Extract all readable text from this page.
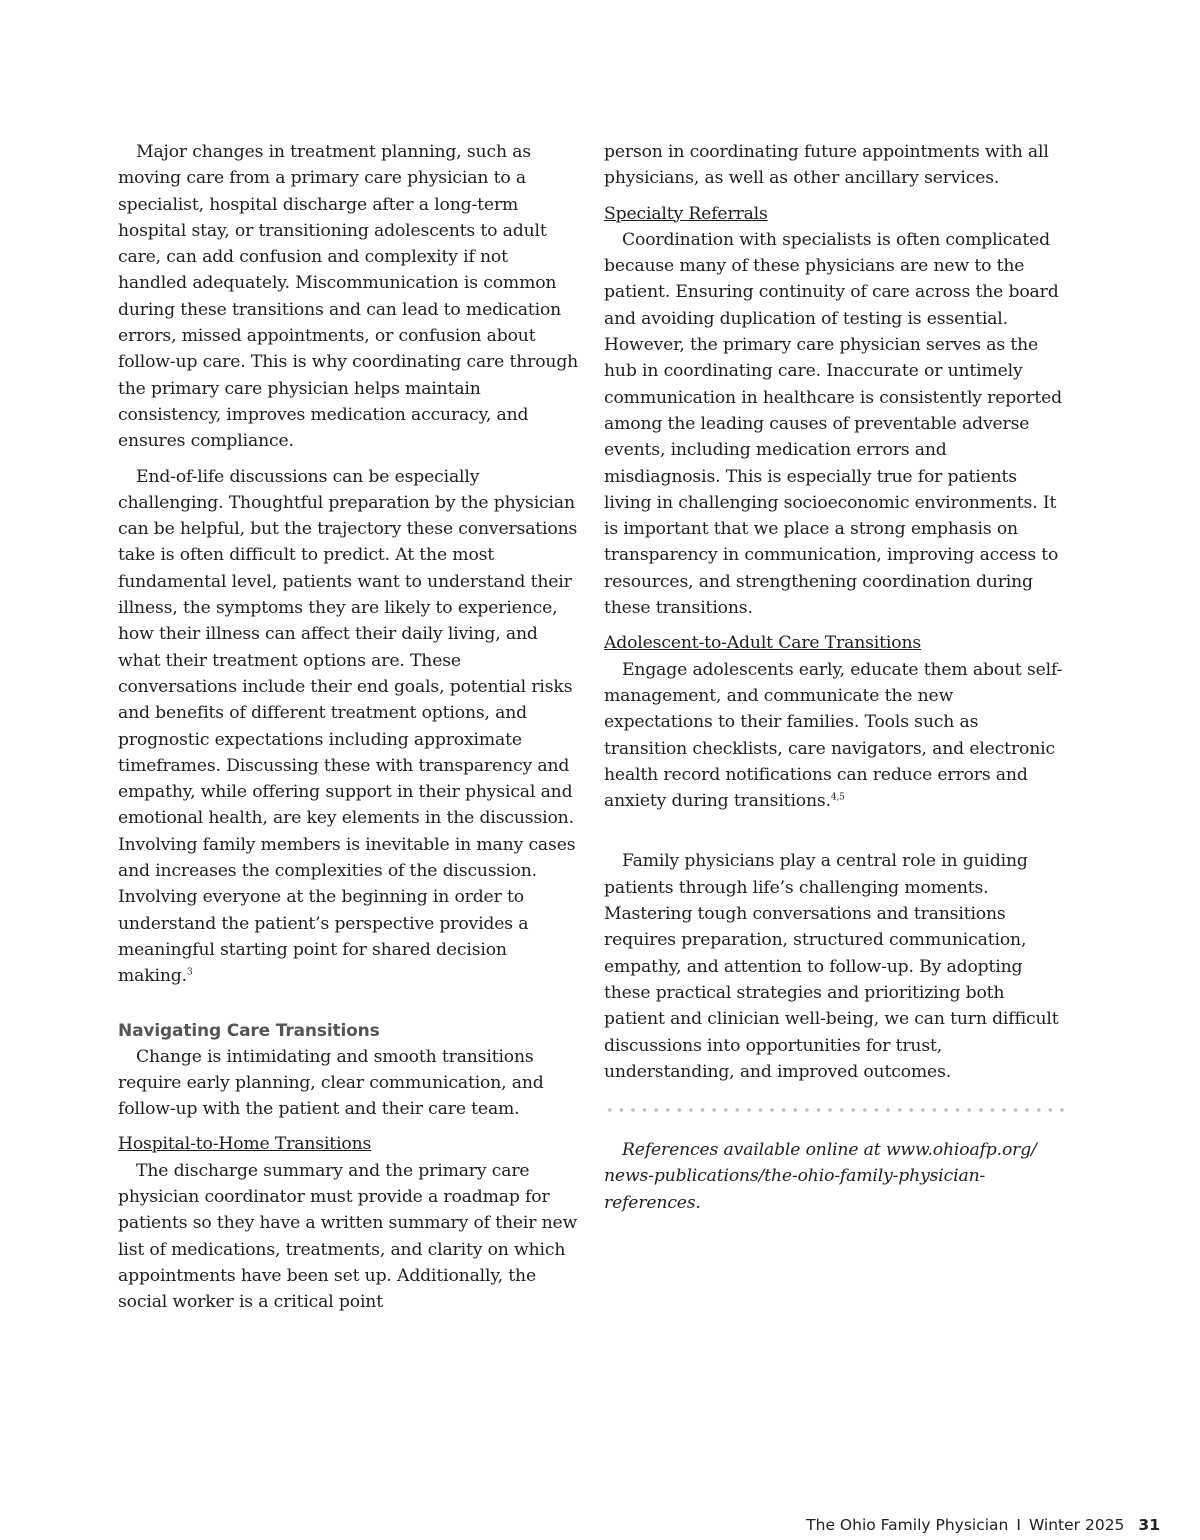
Major changes in treatment planning, such as moving care from a primary care physician to a specialist, hospital discharge after a long-term hospital stay, or transitioning adolescents to adult care, can add confusion and complexity if not handled adequately. Miscommunication is common during these transitions and can lead to medication errors, missed appointments, or confusion about follow-up care. This is why coordinating care through the primary care physician helps maintain consistency, improves medication accuracy, and ensures compliance.

End-of-life discussions can be especially challenging. Thoughtful preparation by the physician can be helpful, but the trajectory these conversations take is often difficult to predict. At the most fundamental level, patients want to understand their illness, the symptoms they are likely to experience, how their illness can affect their daily living, and what their treatment options are. These conversations include their end goals, potential risks and benefits of different treatment options, and prognostic expectations including approximate timeframes. Discussing these with transparency and empathy, while offering support in their physical and emotional health, are key elements in the discussion. Involving family members is inevitable in many cases and increases the complexities of the discussion. Involving everyone at the beginning in order to understand the patient’s perspective provides a meaningful starting point for shared decision making.$^3$

Navigating Care Transitions

Change is intimidating and smooth transitions require early planning, clear communication, and follow-up with the patient and their care team.

Hospital-to-Home Transitions

The discharge summary and the primary care physician coordinator must provide a roadmap for patients so they have a written summary of their new list of medications, treatments, and clarity on which appointments have been set up. Additionally, the social worker is a critical point

person in coordinating future appointments with all physicians, as well as other ancillary services.

Specialty Referrals

Coordination with specialists is often complicated because many of these physicians are new to the patient. Ensuring continuity of care across the board and avoiding duplication of testing is essential. However, the primary care physician serves as the hub in coordinating care. Inaccurate or untimely communication in healthcare is consistently reported among the leading causes of preventable adverse events, including medication errors and misdiagnosis. This is especially true for patients living in challenging socioeconomic environments. It is important that we place a strong emphasis on transparency in communication, improving access to resources, and strengthening coordination during these transitions.

Adolescent-to-Adult Care Transitions

Engage adolescents early, educate them about self-management, and communicate the new expectations to their families. Tools such as transition checklists, care navigators, and electronic health record notifications can reduce errors and anxiety during transitions.$^{4,5}$

Family physicians play a central role in guiding patients through life’s challenging moments. Mastering tough conversations and transitions requires preparation, structured communication, empathy, and attention to follow-up. By adopting these practical strategies and prioritizing both patient and clinician well-being, we can turn difficult discussions into opportunities for trust, understanding, and improved outcomes.

References available online at www.ohioafp.org/ news-publications/the-ohio-family-physician-references.

The Ohio Family Physician I Winter 2025 31
